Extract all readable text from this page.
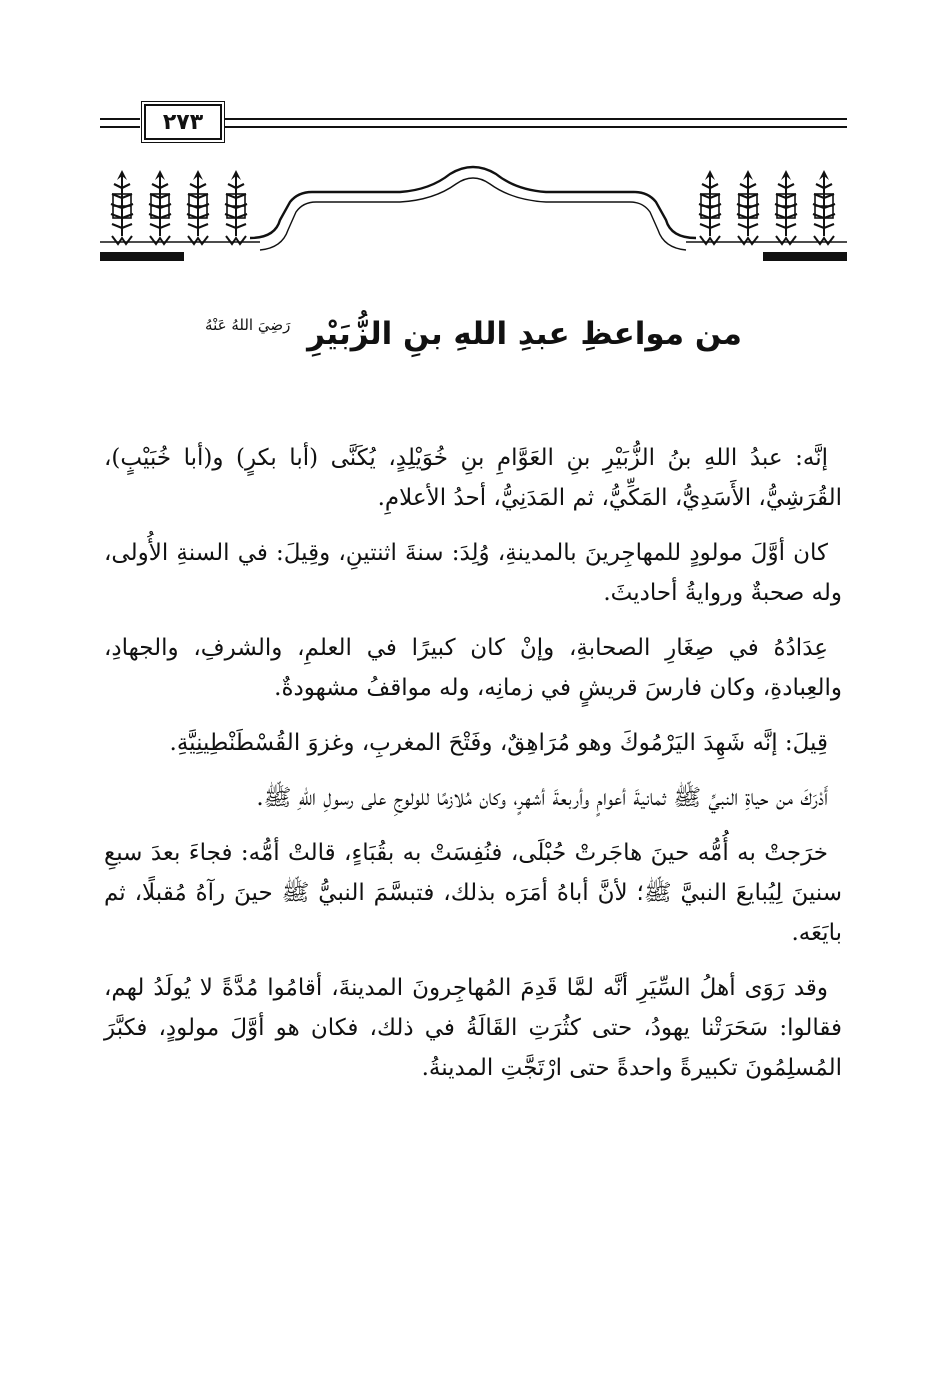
٢٧٣
من مواعظِ عبدِ اللهِ بنِ الزُّبَيْرِ $^{رَضِيَ اللهُ عَنْهُ}$

إنَّه: عبدُ اللهِ بنُ الزُّبَيْرِ بنِ العَوَّامِ بنِ خُوَيْلِدٍ، يُكَنَّى (أبا بكرٍ) و(أبا خُبَيْبٍ)، القُرَشِيُّ، الأَسَدِيُّ، المَكِّيُّ، ثم المَدَنِيُّ، أحدُ الأعلامِ.

كان أوَّلَ مولودٍ للمهاجِرينَ بالمدينةِ، وُلِدَ: سنةَ اثنتينِ، وقِيلَ: في السنةِ الأُولى، وله صحبةٌ وروايةُ أحاديثَ.

عِدَادُهُ في صِغَارِ الصحابةِ، وإنْ كان كبيرًا في العلمِ، والشرفِ، والجهادِ، والعِبادةِ، وكان فارسَ قريشٍ في زمانِه، وله مواقفُ مشهودةٌ.

قِيلَ: إنَّه شَهِدَ اليَرْمُوكَ وهو مُرَاهِقٌ، وفَتْحَ المغربِ، وغزوَ القُسْطَنْطِينِيَّةِ.

أَدْرَكَ من حياةِ النبيِّ ﷺ ثمانيةَ أعوامٍ وأربعةَ أشهرٍ، وكان مُلازمًا للولوجِ على رسولِ اللهِ ﷺ.

خرَجتْ به أُمُّه حينَ هاجَرتْ حُبْلَى، فنُفِسَتْ به بقُبَاءٍ، قالتْ أمُّه: فجاءَ بعدَ سبعِ سنينَ لِيُبايعَ النبيَّ ﷺ؛ لأنَّ أباهُ أمَرَه بذلك، فتبسَّمَ النبيُّ ﷺ حينَ رآهُ مُقبلًا، ثم بايَعَه.

وقد رَوَى أهلُ السِّيَرِ أنَّه لمَّا قَدِمَ المُهاجِرونَ المدينةَ، أقامُوا مُدَّةً لا يُولَدُ لهم، فقالوا: سَحَرَتْنا يهودُ، حتى كثُرَتِ القَالَةُ في ذلك، فكان هو أوَّلَ مولودٍ، فكبَّرَ المُسلِمُونَ تكبيرةً واحدةً حتى ارْتَجَّتِ المدينةُ.
